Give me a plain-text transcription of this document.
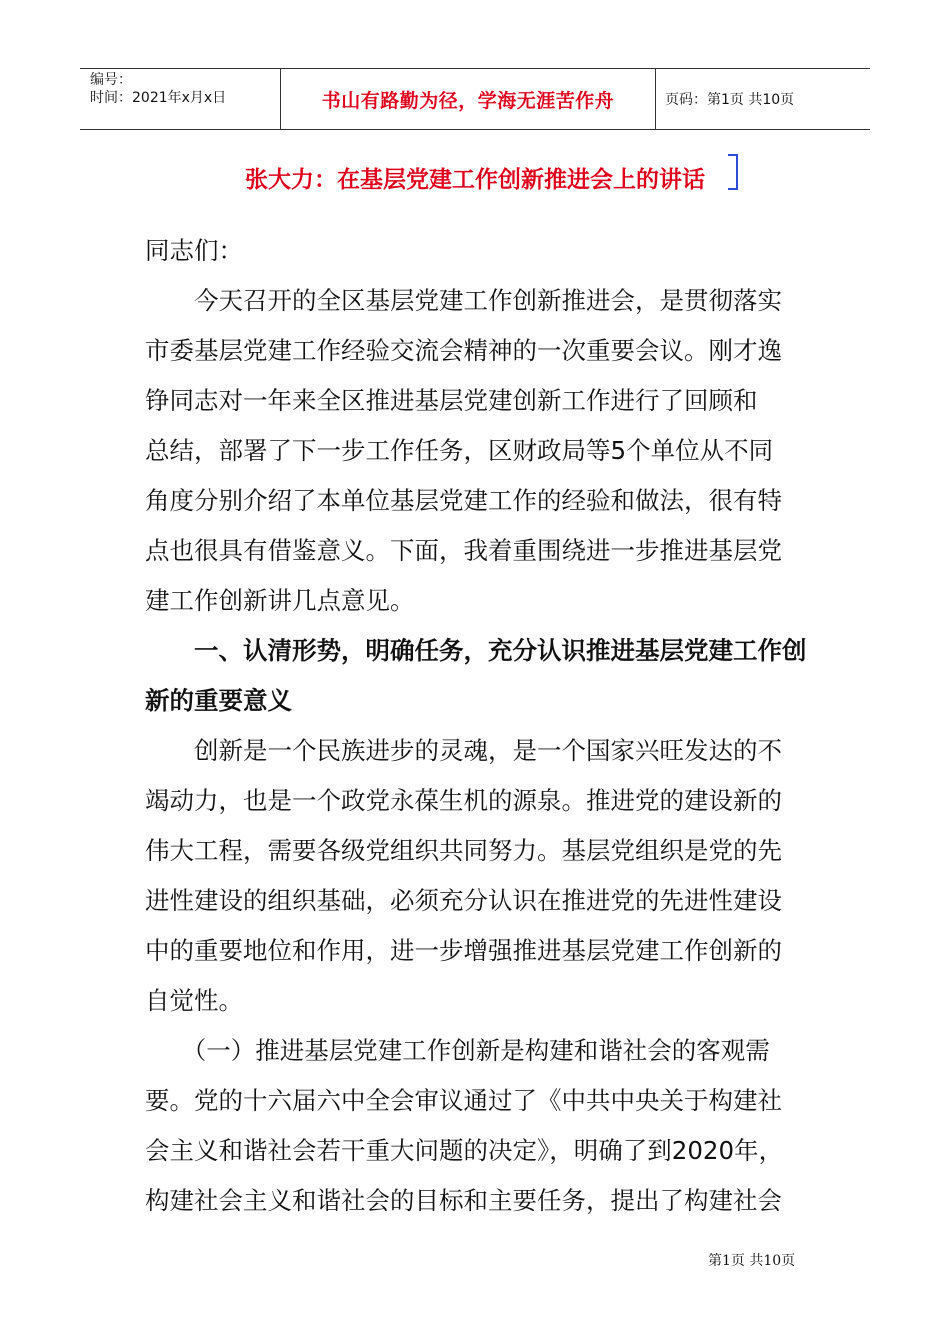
编号：
时间：2021年x月x日	书山有路勤为径，学海无涯苦作舟	页码：第1页 共10页
张大力：在基层党建工作创新推进会上的讲话
同志们：
　　今天召开的全区基层党建工作创新推进会，是贯彻落实
市委基层党建工作经验交流会精神的一次重要会议。刚才逸
铮同志对一年来全区推进基层党建创新工作进行了回顾和
总结，部署了下一步工作任务，区财政局等5个单位从不同
角度分别介绍了本单位基层党建工作的经验和做法，很有特
点也很具有借鉴意义。下面，我着重围绕进一步推进基层党
建工作创新讲几点意见。
　　一、认清形势，明确任务，充分认识推进基层党建工作创
新的重要意义
　　创新是一个民族进步的灵魂，是一个国家兴旺发达的不
竭动力，也是一个政党永葆生机的源泉。推进党的建设新的
伟大工程，需要各级党组织共同努力。基层党组织是党的先
进性建设的组织基础，必须充分认识在推进党的先进性建设
中的重要地位和作用，进一步增强推进基层党建工作创新的
自觉性。
　　（一）推进基层党建工作创新是构建和谐社会的客观需
要。党的十六届六中全会审议通过了《中共中央关于构建社
会主义和谐社会若干重大问题的决定》，明确了到2020年，
构建社会主义和谐社会的目标和主要任务，提出了构建社会
第1页 共10页
